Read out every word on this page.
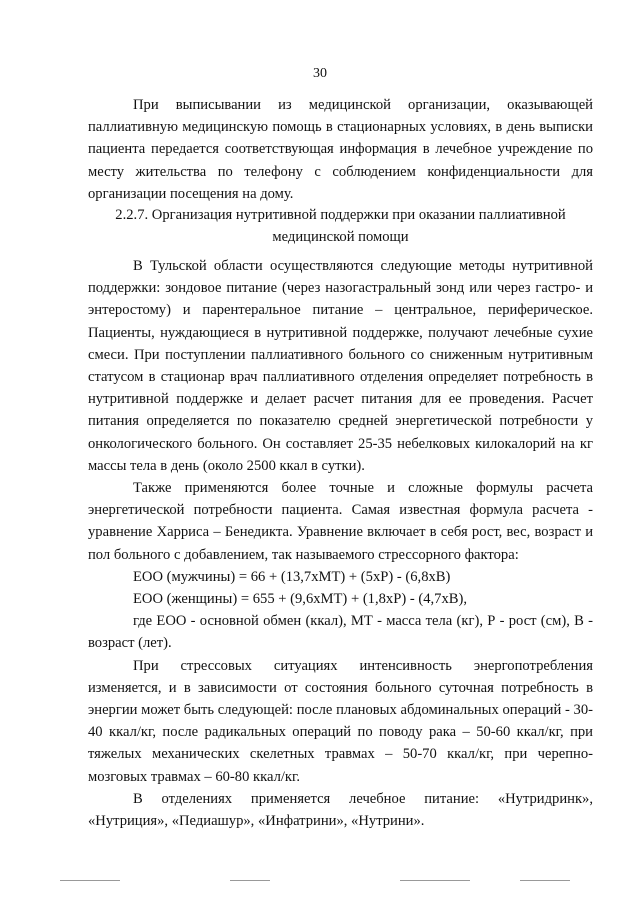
30

При выписывании из медицинской организации, оказывающей паллиативную медицинскую помощь в стационарных условиях, в день выписки пациента передается соответствующая информация в лечебное учреждение по месту жительства по телефону с соблюдением конфиденциальности для организации посещения на дому.

2.2.7. Организация нутритивной поддержки при оказании паллиативной

медицинской помощи

В Тульской области осуществляются следующие методы нутритивной поддержки: зондовое питание (через назогастральный зонд или через гастро- и энтеростому) и парентеральное питание – центральное, периферическое. Пациенты, нуждающиеся в нутритивной поддержке, получают лечебные сухие смеси. При поступлении паллиативного больного со сниженным нутритивным статусом в стационар врач паллиативного отделения определяет потребность в нутритивной поддержке и делает расчет питания для ее проведения. Расчет питания определяется по показателю средней энергетической потребности у онкологического больного. Он составляет 25-35 небелковых килокалорий на кг массы тела в день (около 2500 ккал в сутки).

Также применяются более точные и сложные формулы расчета энергетической потребности пациента. Самая известная формула расчета - уравнение Харриса – Бенедикта. Уравнение включает в себя рост, вес, возраст и пол больного с добавлением, так называемого стрессорного фактора:

ЕОО (мужчины) = 66 + (13,7хМТ) + (5хР) - (6,8хВ)

ЕОО (женщины) = 655 + (9,6хМТ) + (1,8хР) - (4,7хВ),

где ЕОО - основной обмен (ккал), МТ - масса тела (кг), Р - рост (см), В - возраст (лет).

При стрессовых ситуациях интенсивность энергопотребления изменяется, и в зависимости от состояния больного суточная потребность в энергии может быть следующей: после плановых абдоминальных операций - 30-40 ккал/кг, после радикальных операций по поводу рака – 50-60 ккал/кг, при тяжелых механических скелетных травмах – 50-70 ккал/кг, при черепно-мозговых травмах – 60-80 ккал/кг.

В отделениях применяется лечебное питание: «Нутридринк», «Нутриция», «Педиашур», «Инфатрини», «Нутрини».
